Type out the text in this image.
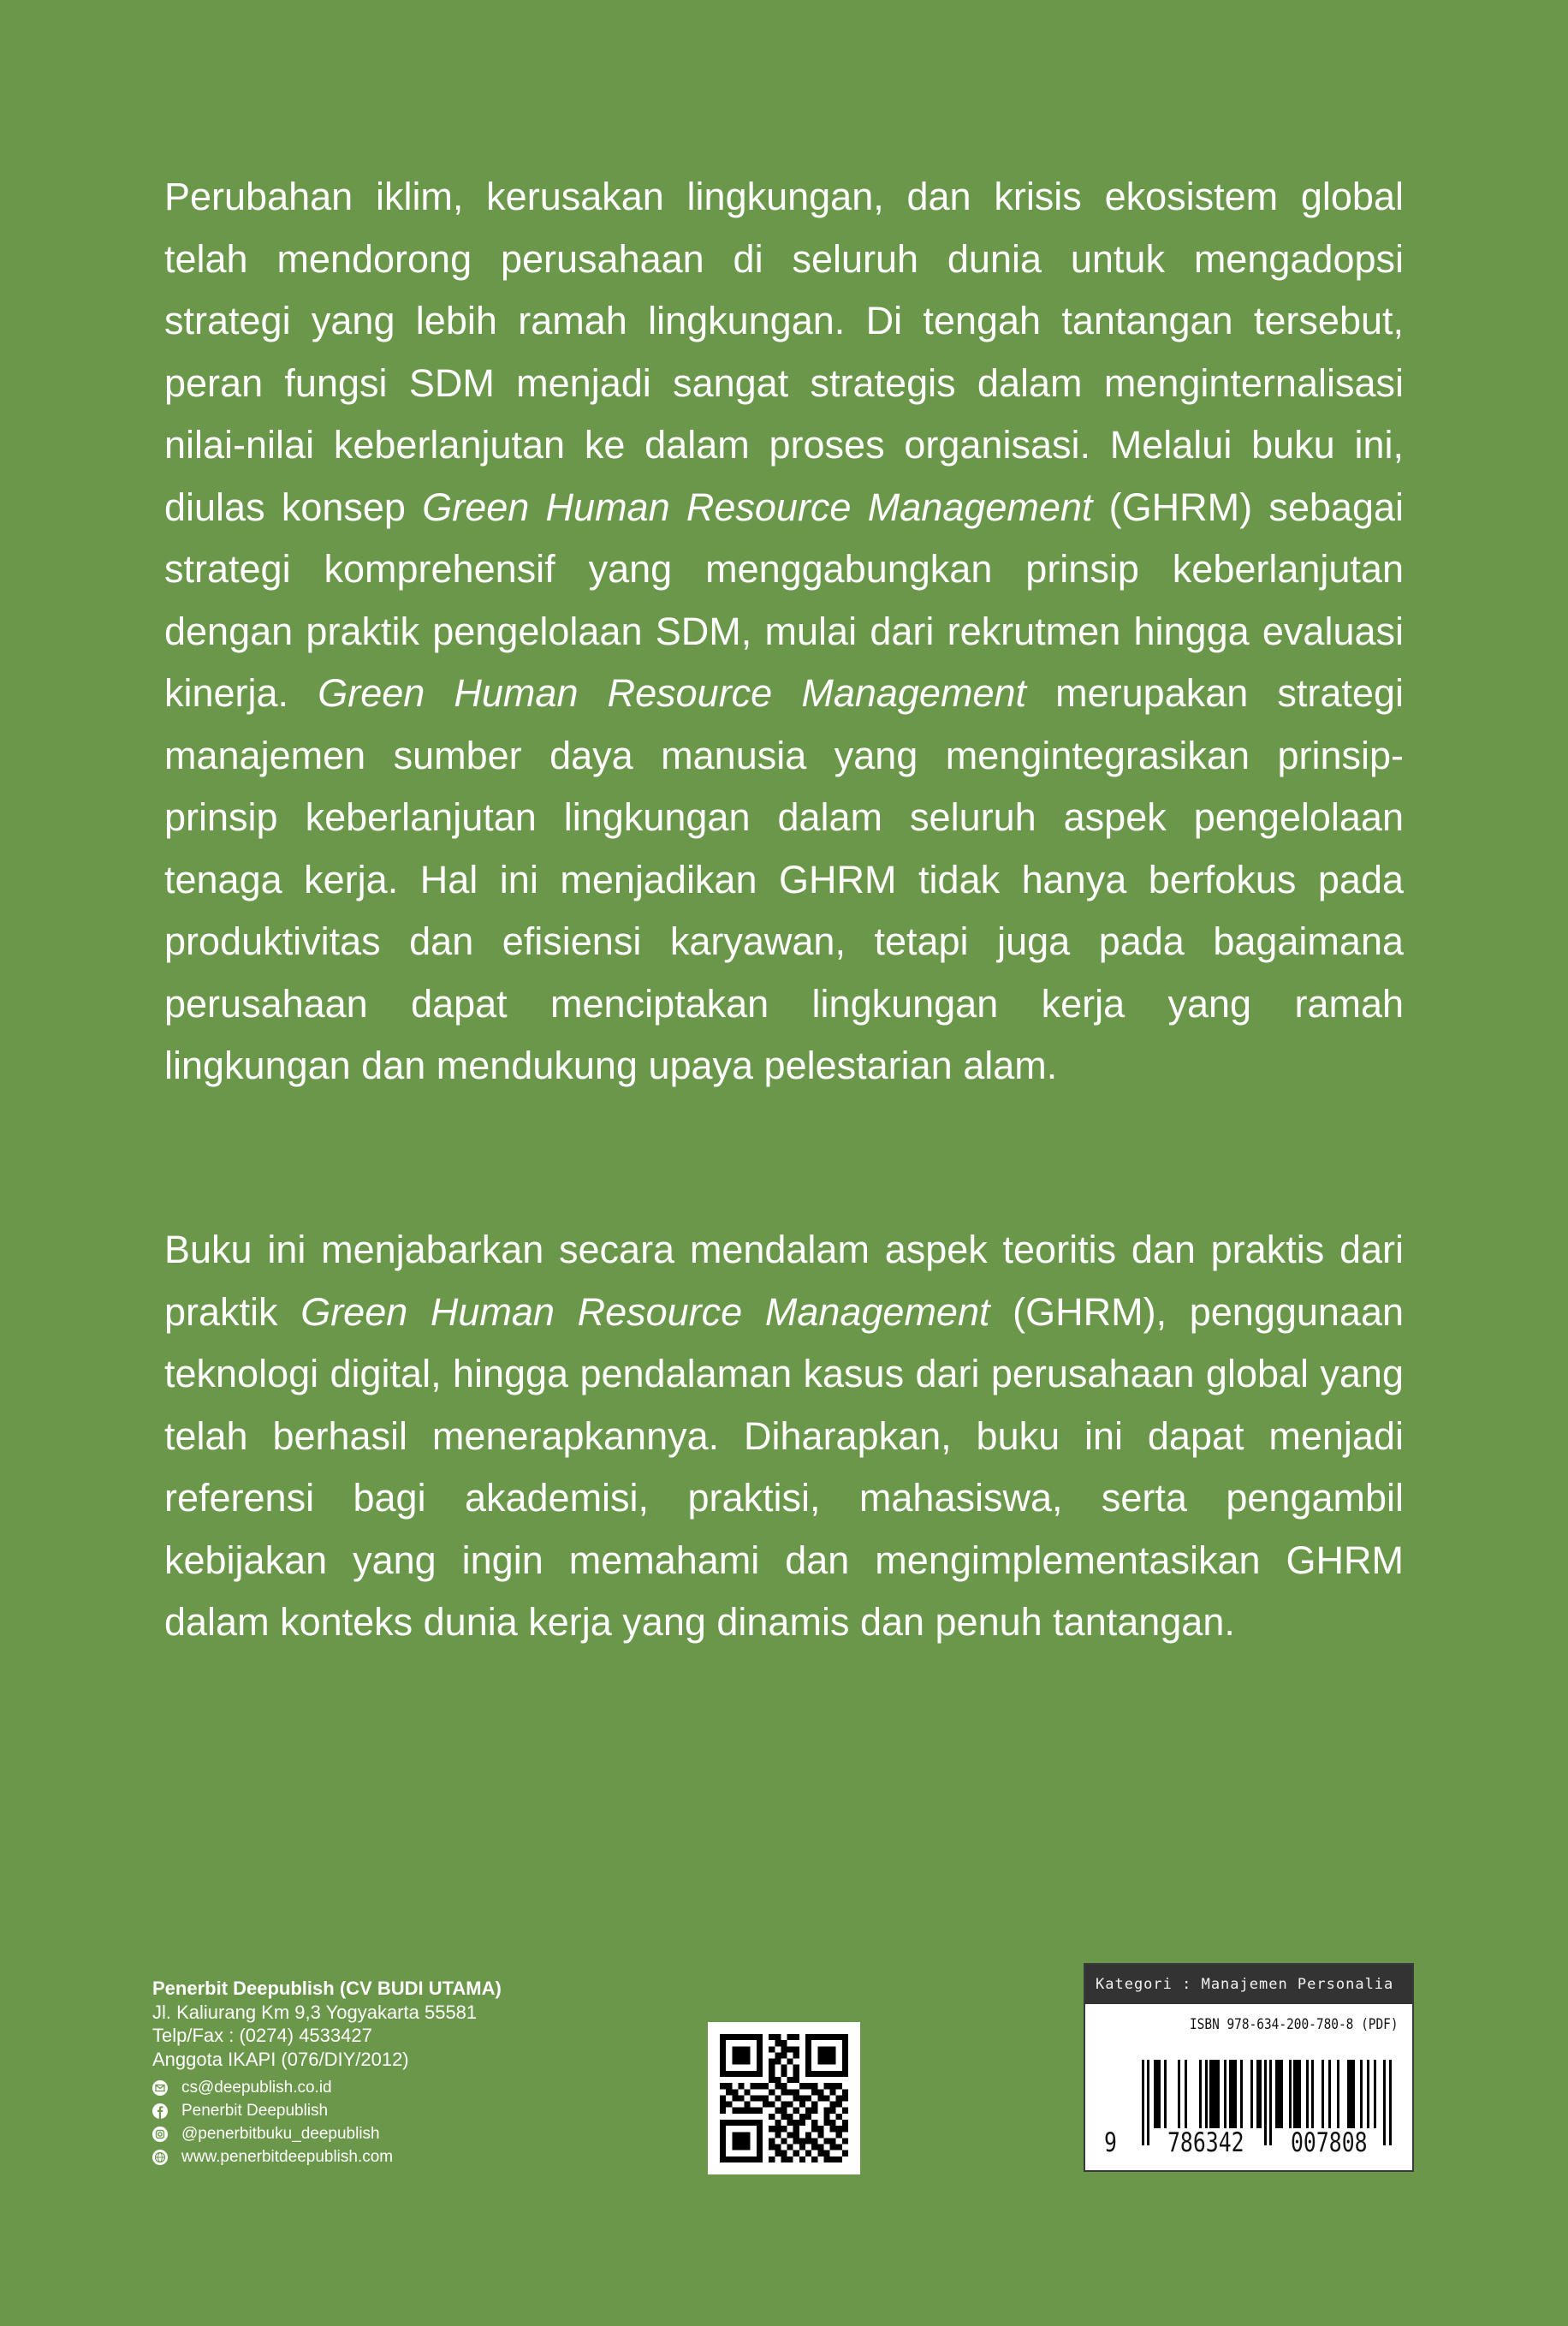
Perubahan iklim, kerusakan lingkungan, dan krisis ekosistem global telah mendorong perusahaan di seluruh dunia untuk mengadopsi strategi yang lebih ramah lingkungan. Di tengah tantangan tersebut, peran fungsi SDM menjadi sangat strategis dalam menginternalisasi nilai-nilai keberlanjutan ke dalam proses organisasi. Melalui buku ini, diulas konsep Green Human Resource Management (GHRM) sebagai strategi komprehensif yang menggabungkan prinsip keberlanjutan dengan praktik pengelolaan SDM, mulai dari rekrutmen hingga evaluasi kinerja. Green Human Resource Management merupakan strategi manajemen sumber daya manusia yang mengintegrasikan prinsip-prinsip keberlanjutan lingkungan dalam seluruh aspek pengelolaan tenaga kerja. Hal ini menjadikan GHRM tidak hanya berfokus pada produktivitas dan efisiensi karyawan, tetapi juga pada bagaimana perusahaan dapat menciptakan lingkungan kerja yang ramah lingkungan dan mendukung upaya pelestarian alam.

Buku ini menjabarkan secara mendalam aspek teoritis dan praktis dari praktik Green Human Resource Management (GHRM), penggunaan teknologi digital, hingga pendalaman kasus dari perusahaan global yang telah berhasil menerapkannya. Diharapkan, buku ini dapat menjadi referensi bagi akademisi, praktisi, mahasiswa, serta pengambil kebijakan yang ingin memahami dan mengimplementasikan GHRM dalam konteks dunia kerja yang dinamis dan penuh tantangan.

Penerbit Deepublish (CV BUDI UTAMA)
Jl. Kaliurang Km 9,3 Yogyakarta 55581
Telp/Fax : (0274) 4533427
Anggota IKAPI (076/DIY/2012)
cs@deepublish.co.id
Penerbit Deepublish
@penerbitbuku_deepublish
www.penerbitdeepublish.com
Kategori : Manajemen Personalia
ISBN 978-634-200-780-8 (PDF)
9 786342 007808
